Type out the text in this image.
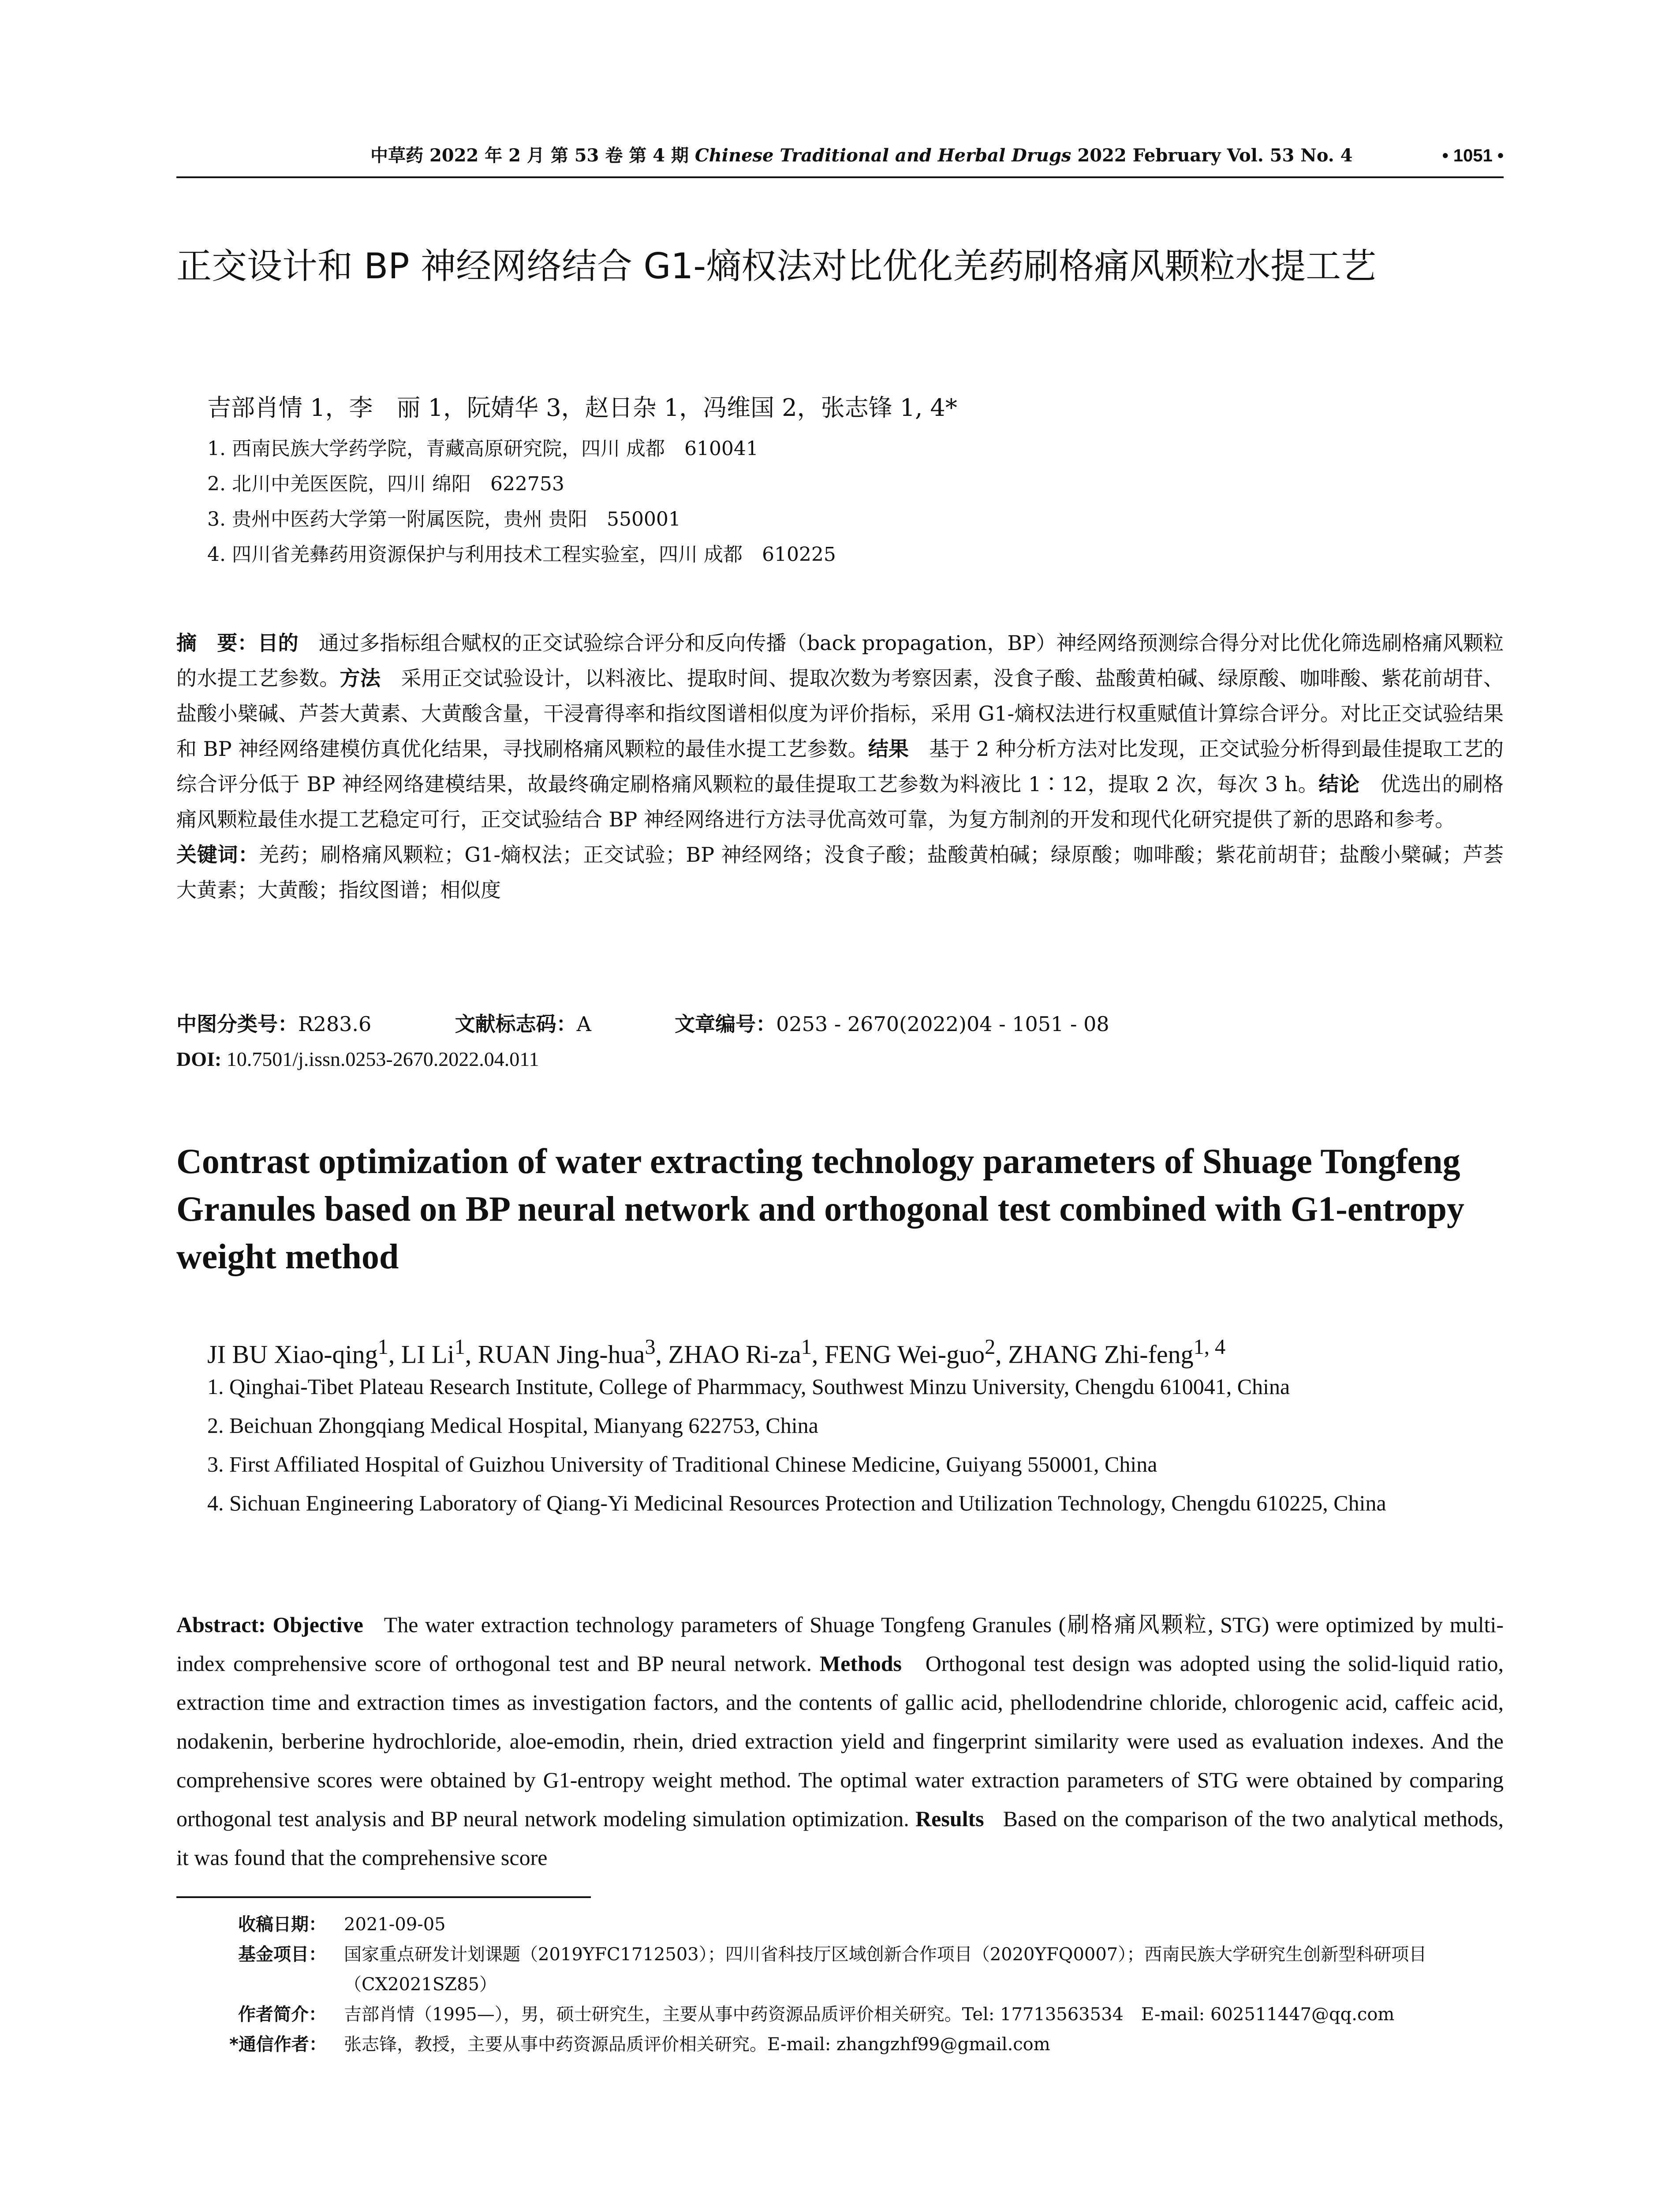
中草药 2022 年 2 月 第 53 卷 第 4 期 Chinese Traditional and Herbal Drugs 2022 February Vol. 53 No. 4	• 1051 •
正交设计和 BP 神经网络结合 G1-熵权法对比优化羌药刷格痛风颗粒水提工艺
吉部肖情 1，李　丽 1，阮婧华 3，赵日杂 1，冯维国 2，张志锋 1, 4*
1. 西南民族大学药学院，青藏高原研究院，四川 成都　610041
2. 北川中羌医医院，四川 绵阳　622753
3. 贵州中医药大学第一附属医院，贵州 贵阳　550001
4. 四川省羌彝药用资源保护与利用技术工程实验室，四川 成都　610225
摘　要：目的　 通过多指标组合赋权的正交试验综合评分和反向传播（back propagation，BP）神经网络预测综合得分对比优化筛选刷格痛风颗粒的水提工艺参数。方法　 采用正交试验设计，以料液比、提取时间、提取次数为考察因素，没食子酸、盐酸黄柏碱、绿原酸、咖啡酸、紫花前胡苷、盐酸小檗碱、芦荟大黄素、大黄酸含量，干浸膏得率和指纹图谱相似度为评价指标，采用 G1-熵权法进行权重赋值计算综合评分。对比正交试验结果和 BP 神经网络建模仿真优化结果，寻找刷格痛风颗粒的最佳水提工艺参数。结果　 基于 2 种分析方法对比发现，正交试验分析得到最佳提取工艺的综合评分低于 BP 神经网络建模结果，故最终确定刷格痛风颗粒的最佳提取工艺参数为料液比 1∶12，提取 2 次，每次 3 h。结论　 优选出的刷格痛风颗粒最佳水提工艺稳定可行，正交试验结合 BP 神经网络进行方法寻优高效可靠，为复方制剂的开发和现代化研究提供了新的思路和参考。
关键词：羌药；刷格痛风颗粒；G1-熵权法；正交试验；BP 神经网络；没食子酸；盐酸黄柏碱；绿原酸；咖啡酸；紫花前胡苷；盐酸小檗碱；芦荟大黄素；大黄酸；指纹图谱；相似度
中图分类号：R283.6	文献标志码：A	文章编号：0253 - 2670(2022)04 - 1051 - 08
DOI: 10.7501/j.issn.0253-2670.2022.04.011
Contrast optimization of water extracting technology parameters of Shuage Tongfeng Granules based on BP neural network and orthogonal test combined with G1-entropy weight method
JI BU Xiao-qing$^1$, LI Li$^1$, RUAN Jing-hua$^3$, ZHAO $Ri-za^1$, FENG Wei-guo$^2$, ZHANG Zhi-feng$^{1, 4}$
1. Qinghai-Tibet Plateau Research Institute, College of Pharmmacy, Southwest Minzu University, Chengdu 610041, China
2. Beichuan Zhongqiang Medical Hospital, Mianyang 622753, China
3. First Affiliated Hospital of Guizhou University of Traditional Chinese Medicine, Guiyang 550001, China
4. Sichuan Engineering Laboratory of Qiang-Yi Medicinal Resources Protection and Utilization Technology, Chengdu 610225, China
Abstract: Objective The water extraction technology parameters of Shuage Tongfeng Granules (刷格痛风颗粒, STG) were optimized by multi-index comprehensive score of orthogonal test and BP neural network. Methods Orthogonal test design was adopted using the solid-liquid ratio, extraction time and extraction times as investigation factors, and the contents of gallic acid, phellodendrine chloride, chlorogenic acid, caffeic acid, nodakenin, berberine hydrochloride, aloe-emodin, rhein, dried extraction yield and fingerprint similarity were used as evaluation indexes. And the comprehensive scores were obtained by G1-entropy weight method. The optimal water extraction parameters of STG were obtained by comparing orthogonal test analysis and BP neural network modeling simulation optimization. Results Based on the comparison of the two analytical methods, it was found that the comprehensive score
收稿日期： 2021-09-05
基金项目： 国家重点研发计划课题（2019YFC1712503）；四川省科技厅区域创新合作项目（2020YFQ0007）；西南民族大学研究生创新型科研项目（CX2021SZ85）
作者简介： 吉部肖情（1995—），男，硕士研究生，主要从事中药资源品质评价相关研究。Tel: 17713563534　E-mail: 602511447@qq.com
*通信作者： 张志锋，教授，主要从事中药资源品质评价相关研究。E-mail: zhangzhf99@gmail.com
